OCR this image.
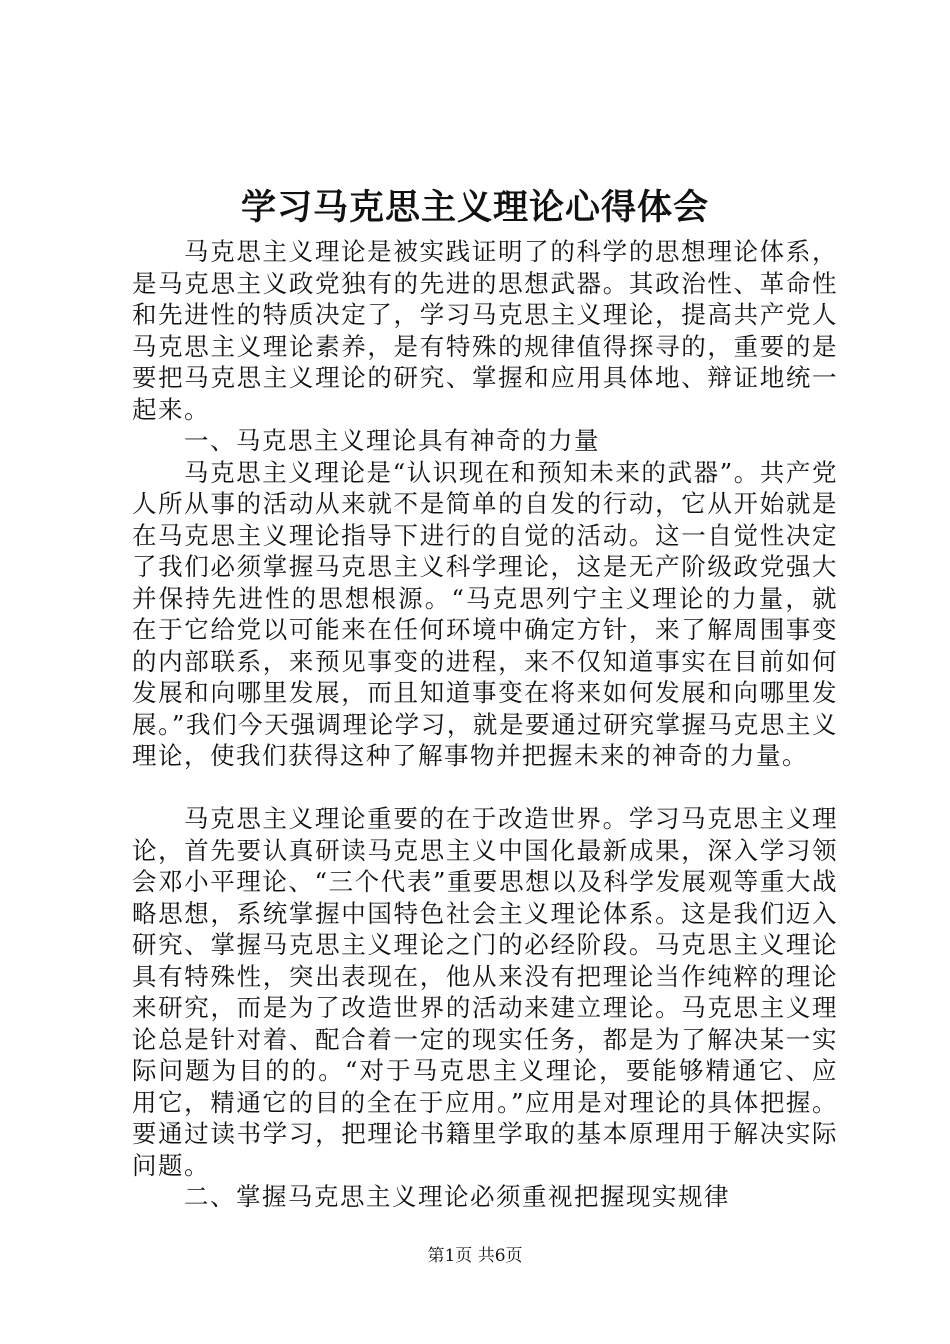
学习马克思主义理论心得体会

马克思主义理论是被实践证明了的科学的思想理论体系，是马克思主义政党独有的先进的思想武器。其政治性、革命性和先进性的特质决定了，学习马克思主义理论，提高共产党人马克思主义理论素养，是有特殊的规律值得探寻的，重要的是要把马克思主义理论的研究、掌握和应用具体地、辩证地统一起来。

一、马克思主义理论具有神奇的力量

马克思主义理论是“认识现在和预知未来的武器”。共产党人所从事的活动从来就不是简单的自发的行动，它从开始就是在马克思主义理论指导下进行的自觉的活动。这一自觉性决定了我们必须掌握马克思主义科学理论，这是无产阶级政党强大并保持先进性的思想根源。“马克思列宁主义理论的力量，就在于它给党以可能来在任何环境中确定方针，来了解周围事变的内部联系，来预见事变的进程，来不仅知道事实在目前如何发展和向哪里发展，而且知道事变在将来如何发展和向哪里发展。”我们今天强调理论学习，就是要通过研究掌握马克思主义理论，使我们获得这种了解事物并把握未来的神奇的力量。

马克思主义理论重要的在于改造世界。学习马克思主义理论，首先要认真研读马克思主义中国化最新成果，深入学习领会邓小平理论、“三个代表”重要思想以及科学发展观等重大战略思想，系统掌握中国特色社会主义理论体系。这是我们迈入研究、掌握马克思主义理论之门的必经阶段。马克思主义理论具有特殊性，突出表现在，他从来没有把理论当作纯粹的理论来研究，而是为了改造世界的活动来建立理论。马克思主义理论总是针对着、配合着一定的现实任务，都是为了解决某一实际问题为目的的。“对于马克思主义理论，要能够精通它、应用它，精通它的目的全在于应用。”应用是对理论的具体把握。要通过读书学习，把理论书籍里学取的基本原理用于解决实际问题。

二、掌握马克思主义理论必须重视把握现实规律

第1页 共6页
